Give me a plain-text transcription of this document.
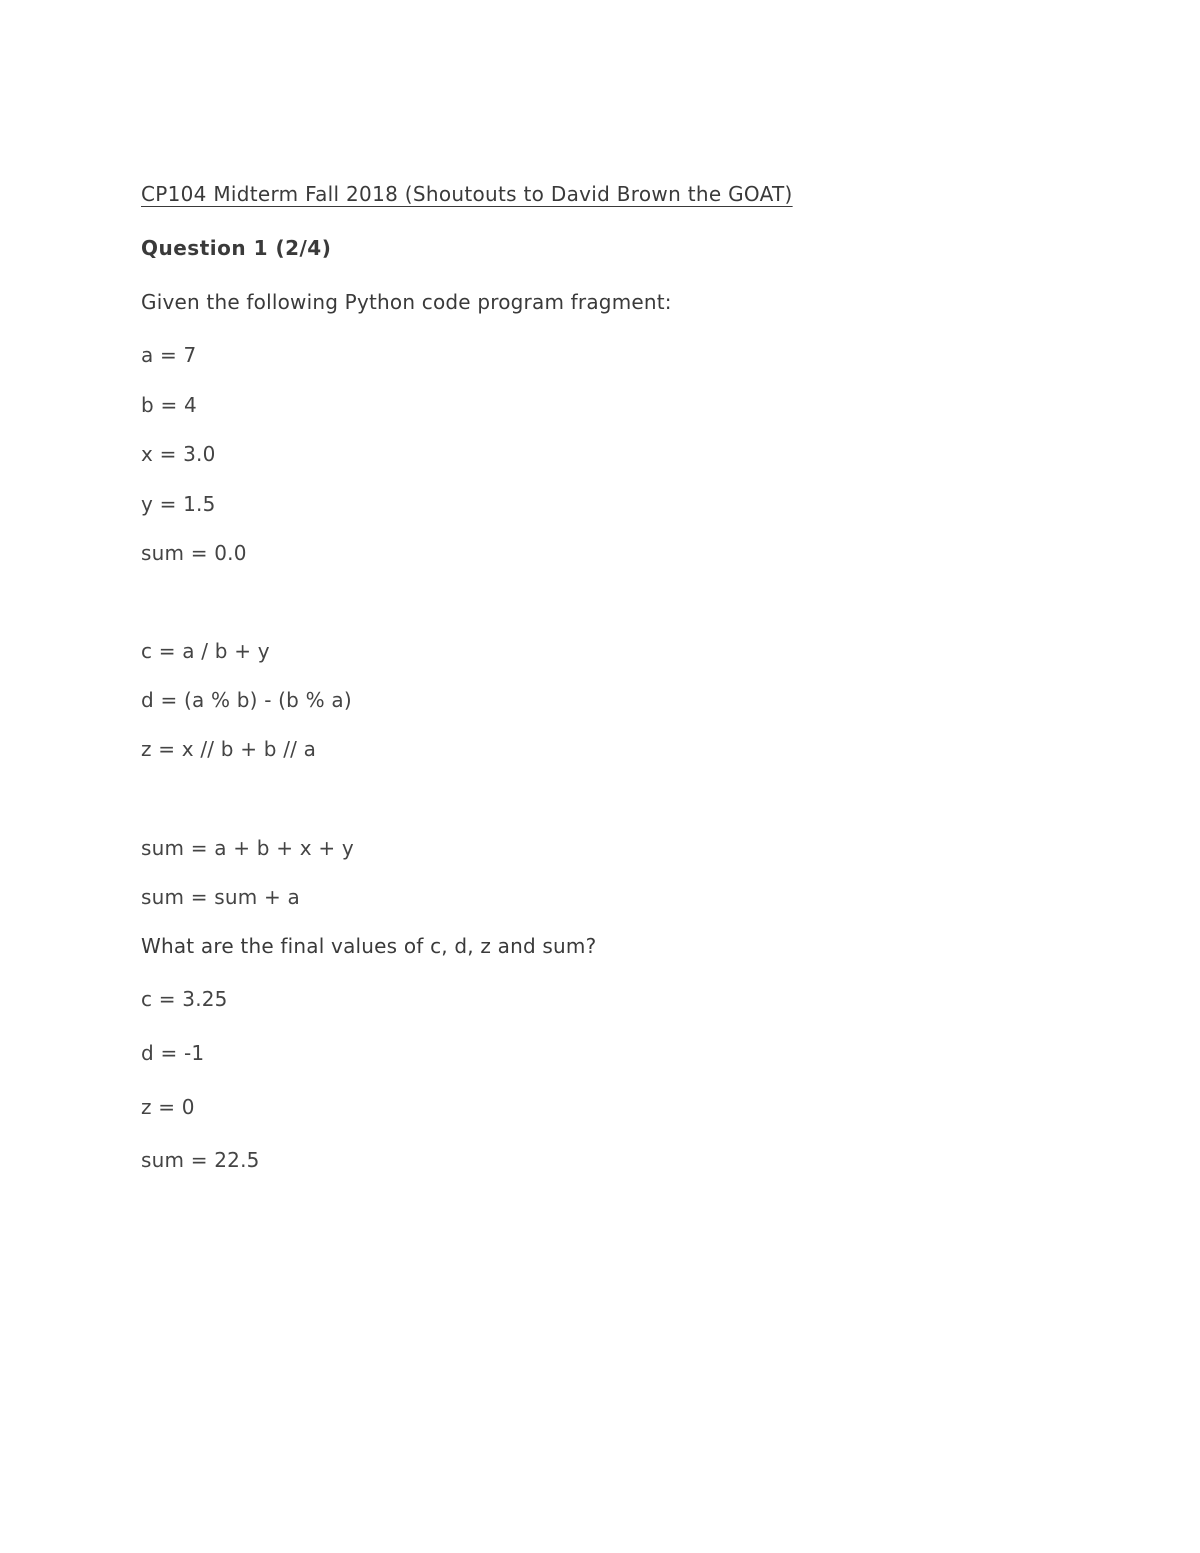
CP104 Midterm Fall 2018 (Shoutouts to David Brown the GOAT)
Question 1 (2/4)
Given the following Python code program fragment:
a = 7
b = 4
x = 3.0
y = 1.5
sum = 0.0
c = a / b + y
d = (a % b) - (b % a)
z = x // b + b // a
sum = a + b + x + y
sum = sum + a
What are the final values of c, d, z and sum?
c = 3.25
d = -1
z = 0
sum = 22.5
